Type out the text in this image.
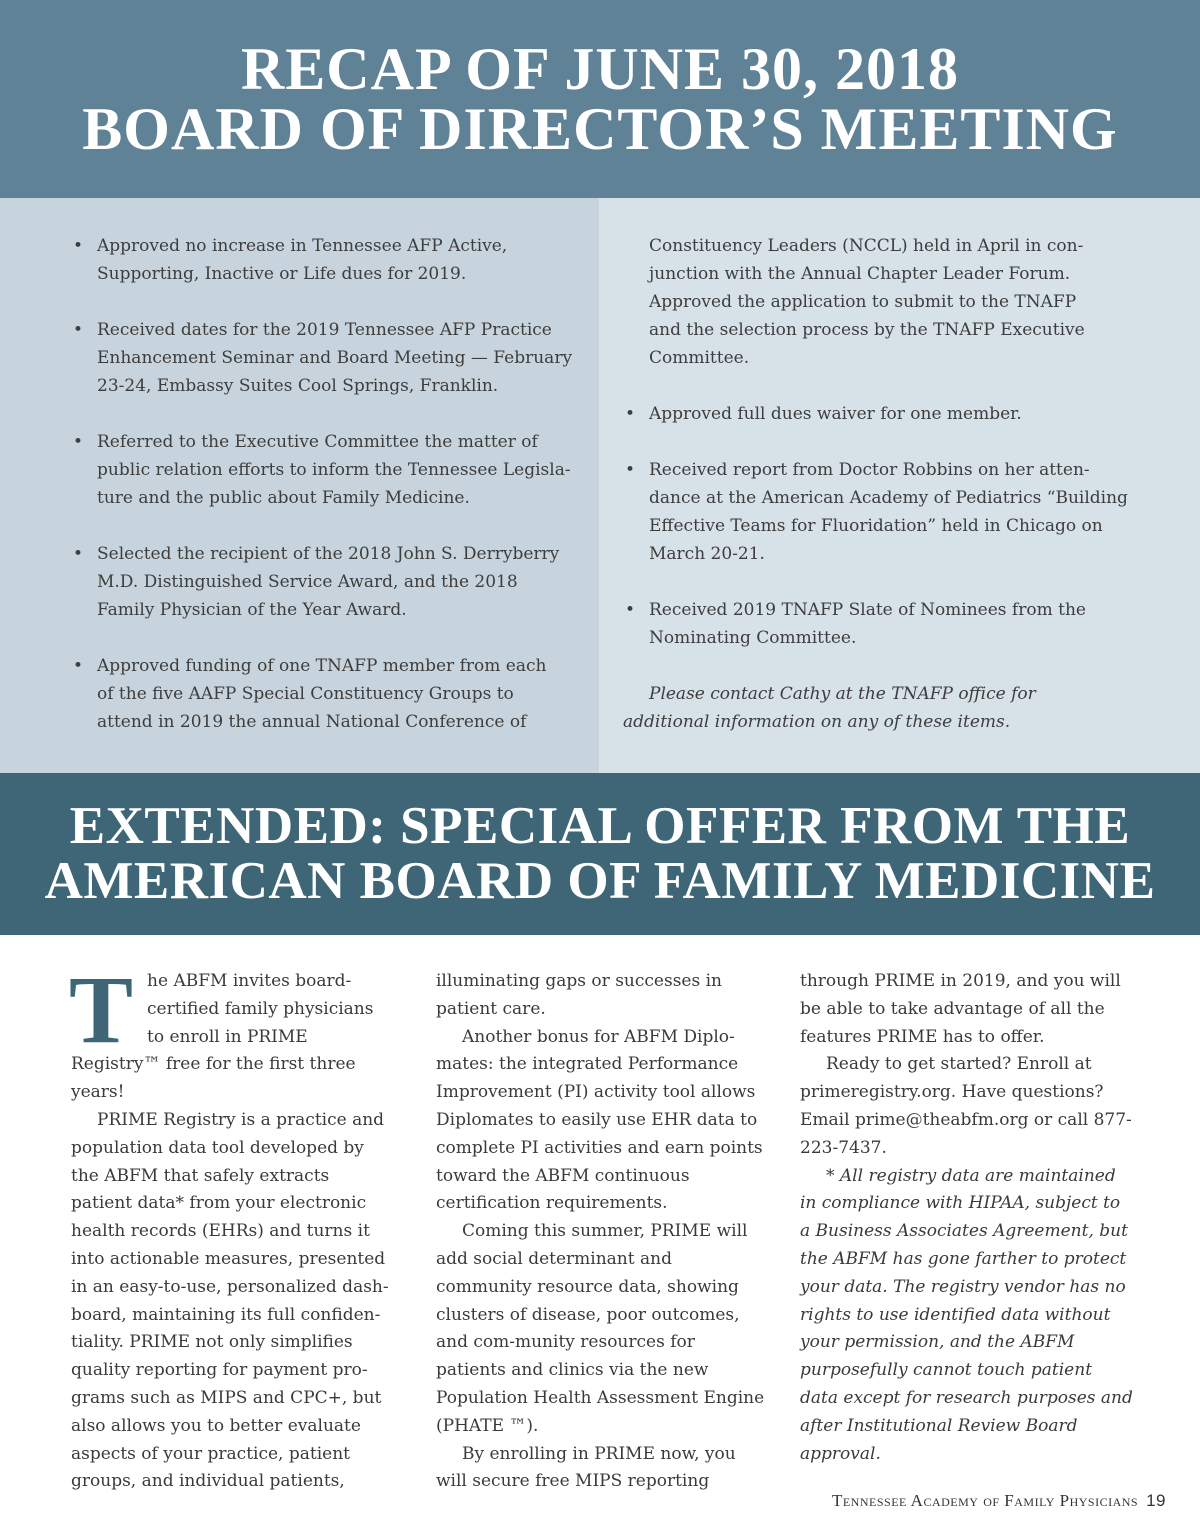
RECAP OF JUNE 30, 2018
BOARD OF DIRECTOR’S MEETING
• Approved no increase in Tennessee AFP Active,
Supporting, Inactive or Life dues for 2019.
• Received dates for the 2019 Tennessee AFP Practice
Enhancement Seminar and Board Meeting — February
23-24, Embassy Suites Cool Springs, Franklin.
• Referred to the Executive Committee the matter of
public relation efforts to inform the Tennessee Legisla-
ture and the public about Family Medicine.
• Selected the recipient of the 2018 John S. Derryberry
M.D. Distinguished Service Award, and the 2018
Family Physician of the Year Award.
• Approved funding of one TNAFP member from each
of the five AAFP Special Constituency Groups to
attend in 2019 the annual National Conference of
Constituency Leaders (NCCL) held in April in con-
junction with the Annual Chapter Leader Forum.
Approved the application to submit to the TNAFP
and the selection process by the TNAFP Executive
Committee.
• Approved full dues waiver for one member.
• Received report from Doctor Robbins on her atten-
dance at the American Academy of Pediatrics “Building
Effective Teams for Fluoridation” held in Chicago on
March 20-21.
• Received 2019 TNAFP Slate of Nominees from the
Nominating Committee.
Please contact Cathy at the TNAFP office for
additional information on any of these items.
EXTENDED: SPECIAL OFFER FROM THE
AMERICAN BOARD OF FAMILY MEDICINE
T he ABFM invites board-certified family physicians to enroll in PRIME Registry™ free for the first three years!

PRIME Registry is a practice and population data tool developed by the ABFM that safely extracts patient data* from your electronic health records (EHRs) and turns it into actionable measures, presented in an easy-to-use, personalized dash-board, maintaining its full confiden-tiality. PRIME not only simplifies quality reporting for payment pro-grams such as MIPS and CPC+, but also allows you to better evaluate aspects of your practice, patient groups, and individual patients,

illuminating gaps or successes in patient care.

Another bonus for ABFM Diplo-mates: the integrated Performance Improvement (PI) activity tool allows Diplomates to easily use EHR data to complete PI activities and earn points toward the ABFM continuous certification requirements.

Coming this summer, PRIME will add social determinant and community resource data, showing clusters of disease, poor outcomes, and com-munity resources for patients and clinics via the new Population Health Assessment Engine (PHATE ™).

By enrolling in PRIME now, you will secure free MIPS reporting

through PRIME in 2019, and you will be able to take advantage of all the features PRIME has to offer.

Ready to get started? Enroll at primeregistry.org. Have questions? Email prime@theabfm.org or call 877-223-7437.

* All registry data are maintained in compliance with HIPAA, subject to a Business Associates Agreement, but the ABFM has gone farther to protect your data. The registry vendor has no rights to use identified data without your permission, and the ABFM purposefully cannot touch patient data except for research purposes and after Institutional Review Board approval.

Tennessee Academy of Family Physicians 19
